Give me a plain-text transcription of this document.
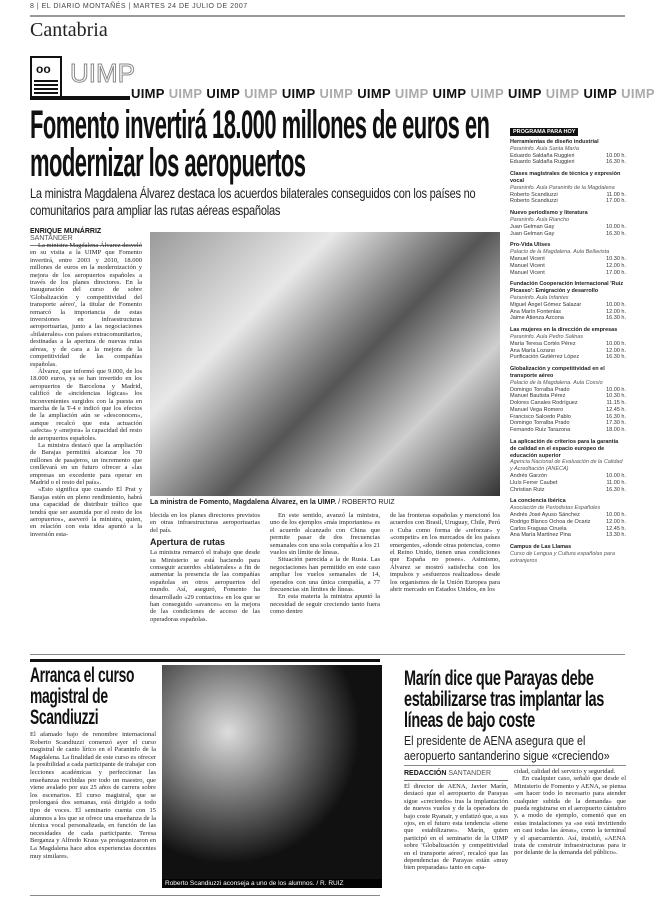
8 | EL DIARIO MONTAÑÉS | MARTES 24 DE JULIO DE 2007
Cantabria
oo UIMP
UIMP UIMP UIMP UIMP UIMP UIMP UIMP UIMP UIMP UIMP UIMP UIMP UIMP UIMP
Fomento invertirá 18.000 millones de euros en modernizar los aeropuertos
La ministra Magdalena Álvarez destaca los acuerdos bilaterales conseguidos con los países no comunitarios para ampliar las rutas aéreas españolas
ENRIQUE MUNÁRRIZ SANTANDER

La ministra Magdalena Álvarez desveló en su visita a la UIMP que Fomento invertirá, entre 2003 y 2010, 18.000 millones de euros en la modernización y mejora de los aeropuertos españoles a través de los planes directores. En la inauguración del curso de sobre 'Globalización y competitividad del transporte aéreo', la titular de Fomento remarcó la importancia de estas inversiones en infraestructuras aeroportuarias, junto a las negociaciones «bilaterales» con países extracomunitarios, destinadas a la apertura de nuevas rutas aéreas, y de cara a la mejora de la competitividad de las compañías españolas.

Álvarez, que informó que 9.000, de los 18.000 euros, ya se han invertido en los aeropuertos de Barcelona y Madrid, calificó de «incidencias lógicas» los inconvenientes surgidos con la puesta en marcha de la T-4 e indicó que los efectos de la ampliación aún se «desconocen», aunque recalcó que esta actuación «afecta» y «mejora» la capacidad del resto de aeropuertos españoles.

La ministra destacó que la ampliación de Barajas permitirá alcanzar los 70 millones de pasajeros, un incremento que conllevará en un futuro ofrecer a «las empresas un excedente para operar en Madrid o el resto del país».

«Esto significa que cuando El Prat y Barajas estén en pleno rendimiento, habrá una capacidad de distribuir tráfico que tendrá que ser asumida por el resto de los aeropuertos», aseveró la ministra, quien, en relación con esta idea apuntó a la inversión esta-

La ministra de Fomento, Magdalena Álvarez, en la UIMP. / ROBERTO RUIZ

blecida en los planes directores previstos en otras infraestructuras aeroportuarias del país.

Apertura de rutas

La ministra remarcó el trabajo que desde su Ministerio se está haciendo para conseguir acuerdos «bilaterales» a fin de aumentar la presencia de las compañías españolas en otros aeropuertos del mundo. Así, aseguró, Fomento ha desarrollado «29 contactos» en los que se han conseguido «avances» en la mejora de las condiciones de acceso de las operadoras españolas.

En este sentido, avanzó la ministra, uno de los ejemplos «más importantes» es el acuerdo alcanzado con China que permite pasar de dos frecuencias semanales con una sola compañía a los 21 vuelos sin límite de líneas.

Situación parecida a la de Rusia. Las negociaciones han permitido en este caso ampliar los vuelos semanales de 14, operados con una única compañía, a 77 frecuencias sin límites de líneas.

En esta materia la ministra apuntó la necesidad de seguir creciendo tanto fuera como dentro

de las fronteras españolas y mencionó los acuerdos con Brasil, Uruguay, Chile, Perú o Cuba como forma de «reforzar» y «competir» en los mercados de los países emergentes, «donde otras potencias, como el Reino Unido, tienen unas condiciones que España no posee». Asimismo, Álvarez se mostró satisfecha con los impulsos y «esfuerzos realizados» desde los organismos de la Unión Europea para abrir mercado en Estados Unidos, en los

PROGRAMA PARA HOY
Herramientas de diseño industrial
Paraninfo. Aula Santa María
Eduardo Saldaña Ruggieri	10.00 h.
Eduardo Saldaña Ruggieri	16.30 h.
Clases magistrales de técnica y expresión vocal
Paraninfo. Aula Paraninfo de la Magdalena
Roberto Scandiuzzi	11.00 h.
Roberto Scandiuzzi	17.00 h.
Nuevo periodismo y literatura
Paraninfo. Aula Riancho
Juan Gelman Gay	10.00 h.
Juan Gelman Gay	16.30 h.
Pro-Vida Ulises
Palacio de la Magdalena. Aula Bellavista
Manuel Vicent	10.30 h.
Manuel Vicent	12.00 h.
Manuel Vicent	17.00 h.
Fundación Cooperación Internacional 'Ruiz Picasso': Emigración y desarrollo
Paraninfo. Aula Infantes
Miguel Ángel Gómez Salazar	10.00 h.
Ana Marín Fontenlas	12.00 h.
Jaime Atienza Azcona	16.30 h.
Las mujeres en la dirección de empresas
Paraninfo. Aula Pedro Salinas
María Teresa Cortés Pérez	10.00 h.
Ana María Lozano	12.00 h.
Purificación Gutiérrez López	16.30 h.
Globalización y competitividad en el transporte aéreo
Palacio de la Magdalena. Aula Cossío
Domingo Torralba Prado	10.00 h.
Manuel Bautista Pérez	10.30 h.
Dolores Canales Rodríguez	11.15 h.
Manuel Vega Romero	12.45 h.
Francisco Salcedo Pablo	16.30 h.
Domingo Torralba Prado	17.30 h.
Fernando Ruiz Tarazona	18.00 h.
La aplicación de criterios para la garantía de calidad en el espacio europeo de educación superior
Agencia Nacional de Evaluación de la Calidad y Acreditación (ANECA)
Andrés Garzón	10.00 h.
Lluís Ferrer Caubet	11.00 h.
Christian Rutz	16.30 h.
La conciencia ibérica
Asociación de Periodistas Españoles
Andrés José Ayuso Sánchez	10.00 h.
Rodrigo Blanco Ochoa de Ocariz	12.00 h.
Carlos Fraguas Ciruela	12.45 h.
Ana María Martínez Pina	13.30 h.
Campus de Las Llamas
Curso de Lengua y Cultura españolas para extranjeros
Arranca el curso magistral de Scandiuzzi

El afamado bajo de renombre internacional Roberto Scandiuzzi comenzó ayer el curso magistral de canto lírico en el Paraninfo de la Magdalena. La finalidad de este curso es ofrecer la posibilidad a cada participante de trabajar con lecciones académicas y perfeccionar las enseñanzas recibidas por todo un maestro, que viene avalado por sus 25 años de carrera sobre los escenarios. El curso magistral, que se prolongará dos semanas, está dirigido a todo tipo de voces. El seminario cuenta con 15 alumnos a los que se ofrece una enseñanza de la técnica vocal personalizada, en función de las necesidades de cada participante. Teresa Berganza y Alfredo Kraus ya protagonizaron en La Magdalena hace años experiencias docentes muy similares.

Roberto Scandiuzzi aconseja a uno de los alumnos. / R. RUIZ
Marín dice que Parayas debe estabilizarse tras implantar las líneas de bajo coste
El presidente de AENA asegura que el aeropuerto santanderino sigue «creciendo»
REDACCIÓN SANTANDER

El director de AENA, Javier Marín, destacó que el aeropuerto de Parayas sigue «creciendo» tras la implantación de nuevos vuelos y de la operadora de bajo coste Ryanair, y enfatizó que, a sus ojos, en el futuro esta tendencia «tiene que estabilizarse». Marín, quien participó en el seminario de la UIMP sobre 'Globalización y competitividad en el transporte aéreo', recalcó que las dependencias de Parayas están «muy bien preparadas» tanto en capa-

cidad, calidad del servicio y seguridad.

En cualquier caso, señaló que desde el Ministerio de Fomento y AENA, se piensa «en hacer todo lo necesario para atender cualquier subida de la demanda» que pueda registrarse en el aeropuerto cántabro y, a modo de ejemplo, comentó que en estas instalaciones ya «se está invirtiendo en casi todas las áreas», como la terminal y el aparcamiento. Así, insistió, «AENA trata de construir infraestructuras para ir por delante de la demanda del público».
